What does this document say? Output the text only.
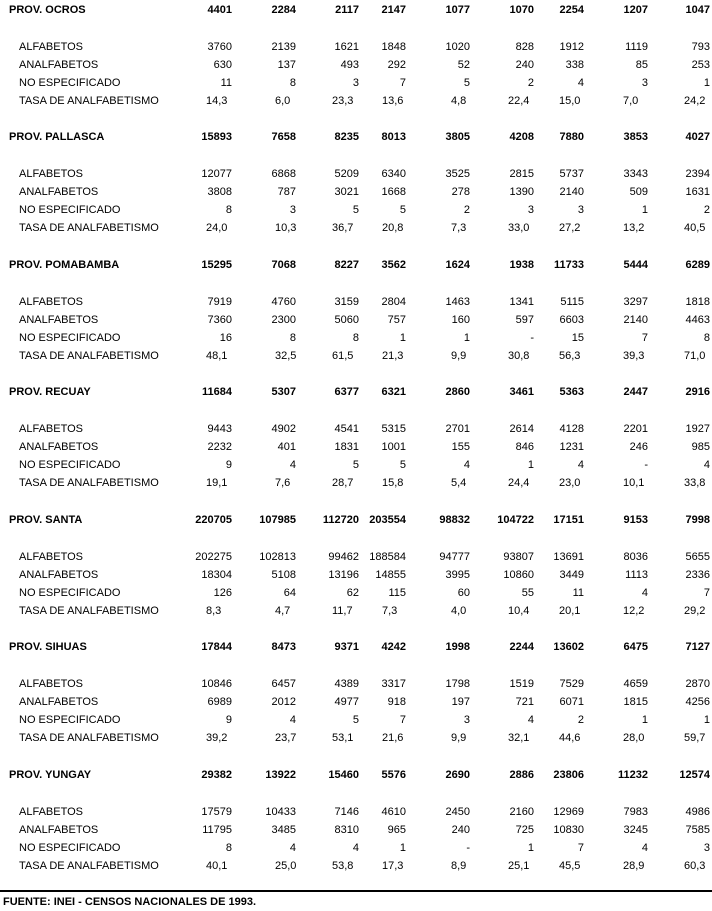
PROV. OCROS	4401	2284	2117	2147	1077	1070	2254	1207	1047
ALFABETOS	3760	2139	1621	1848	1020	828	1912	1119	793
ANALFABETOS	630	137	493	292	52	240	338	85	253
NO ESPECIFICADO	11	8	3	7	5	2	4	3	1
TASA DE ANALFABETISMO	14,3	6,0	23,3	13,6	4,8	22,4	15,0	7,0	24,2
PROV. PALLASCA	15893	7658	8235	8013	3805	4208	7880	3853	4027
ALFABETOS	12077	6868	5209	6340	3525	2815	5737	3343	2394
ANALFABETOS	3808	787	3021	1668	278	1390	2140	509	1631
NO ESPECIFICADO	8	3	5	5	2	3	3	1	2
TASA DE ANALFABETISMO	24,0	10,3	36,7	20,8	7,3	33,0	27,2	13,2	40,5
PROV. POMABAMBA	15295	7068	8227	3562	1624	1938	11733	5444	6289
ALFABETOS	7919	4760	3159	2804	1463	1341	5115	3297	1818
ANALFABETOS	7360	2300	5060	757	160	597	6603	2140	4463
NO ESPECIFICADO	16	8	8	1	1	-	15	7	8
TASA DE ANALFABETISMO	48,1	32,5	61,5	21,3	9,9	30,8	56,3	39,3	71,0
PROV. RECUAY	11684	5307	6377	6321	2860	3461	5363	2447	2916
ALFABETOS	9443	4902	4541	5315	2701	2614	4128	2201	1927
ANALFABETOS	2232	401	1831	1001	155	846	1231	246	985
NO ESPECIFICADO	9	4	5	5	4	1	4	-	4
TASA DE ANALFABETISMO	19,1	7,6	28,7	15,8	5,4	24,4	23,0	10,1	33,8
PROV. SANTA	220705	107985	112720 203554	98832	104722	17151	9153	7998
ALFABETOS	202275	102813	99462 188584	94777	93807	13691	8036	5655
ANALFABETOS	18304	5108	13196	14855	3995	10860	3449	1113	2336
NO ESPECIFICADO	126	64	62	115	60	55	11	4	7
TASA DE ANALFABETISMO	8,3	4,7	11,7	7,3	4,0	10,4	20,1	12,2	29,2
PROV. SIHUAS	17844	8473	9371	4242	1998	2244	13602	6475	7127
ALFABETOS	10846	6457	4389	3317	1798	1519	7529	4659	2870
ANALFABETOS	6989	2012	4977	918	197	721	6071	1815	4256
NO ESPECIFICADO	9	4	5	7	3	4	2	1	1
TASA DE ANALFABETISMO	39,2	23,7	53,1	21,6	9,9	32,1	44,6	28,0	59,7
PROV. YUNGAY	29382	13922	15460	5576	2690	2886	23806	11232	12574
ALFABETOS	17579	10433	7146	4610	2450	2160	12969	7983	4986
ANALFABETOS	11795	3485	8310	965	240	725	10830	3245	7585
NO ESPECIFICADO	8	4	4	1	-	1	7	4	3
TASA DE ANALFABETISMO	40,1	25,0	53,8	17,3	8,9	25,1	45,5	28,9	60,3
FUENTE: INEI - CENSOS NACIONALES DE 1993.
